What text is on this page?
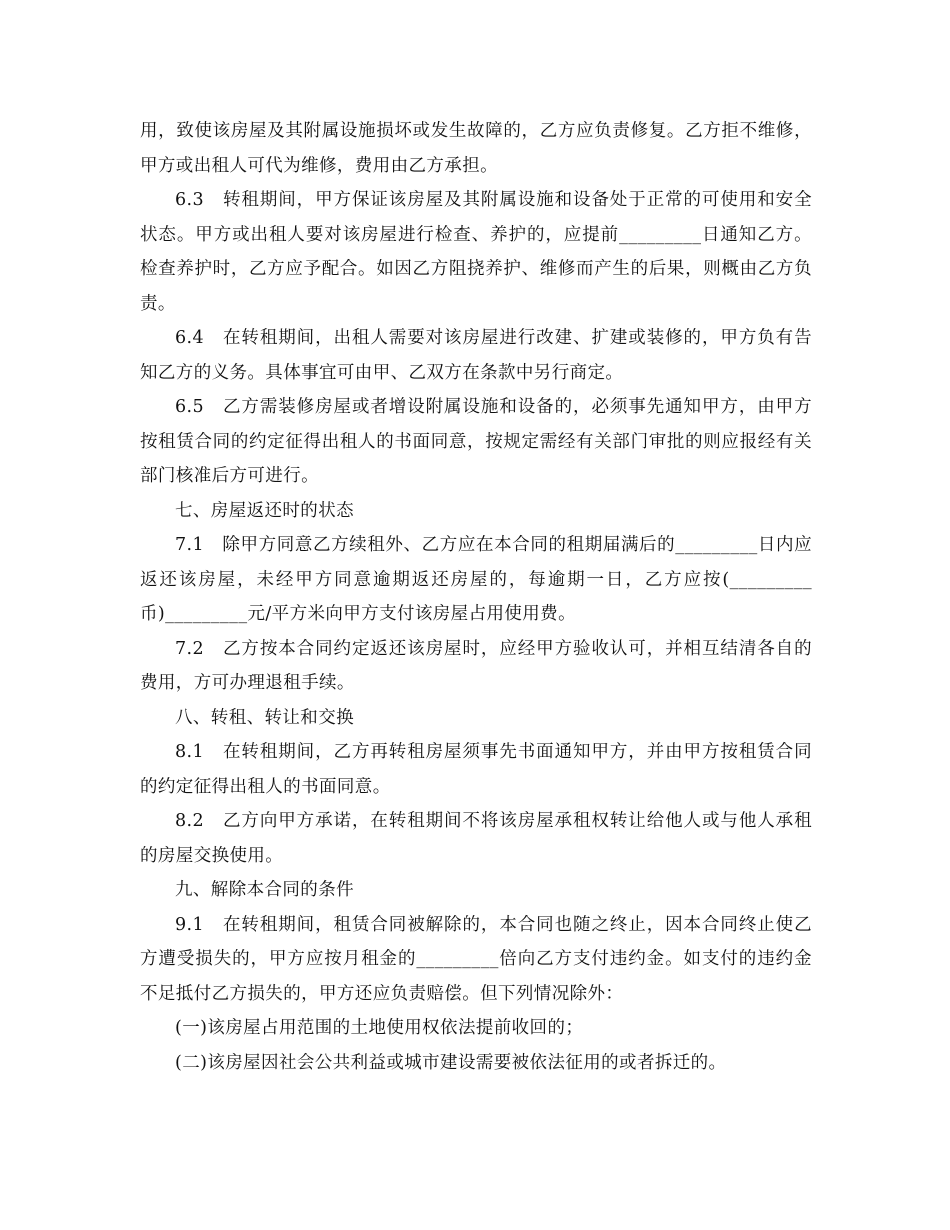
用，致使该房屋及其附属设施损坏或发生故障的，乙方应负责修复。乙方拒不维修，甲方或出租人可代为维修，费用由乙方承担。

6.3　转租期间，甲方保证该房屋及其附属设施和设备处于正常的可使用和安全状态。甲方或出租人要对该房屋进行检查、养护的，应提前_________日通知乙方。检查养护时，乙方应予配合。如因乙方阻挠养护、维修而产生的后果，则概由乙方负责。

6.4　在转租期间，出租人需要对该房屋进行改建、扩建或装修的，甲方负有告知乙方的义务。具体事宜可由甲、乙双方在条款中另行商定。

6.5　乙方需装修房屋或者增设附属设施和设备的，必须事先通知甲方，由甲方按租赁合同的约定征得出租人的书面同意，按规定需经有关部门审批的则应报经有关部门核准后方可进行。

七、房屋返还时的状态

7.1　除甲方同意乙方续租外、乙方应在本合同的租期届满后的_________日内应返还该房屋，未经甲方同意逾期返还房屋的，每逾期一日，乙方应按(_________币)_________元/平方米向甲方支付该房屋占用使用费。

7.2　乙方按本合同约定返还该房屋时，应经甲方验收认可，并相互结清各自的费用，方可办理退租手续。

八、转租、转让和交换

8.1　在转租期间，乙方再转租房屋须事先书面通知甲方，并由甲方按租赁合同的约定征得出租人的书面同意。

8.2　乙方向甲方承诺，在转租期间不将该房屋承租权转让给他人或与他人承租的房屋交换使用。

九、解除本合同的条件

9.1　在转租期间，租赁合同被解除的，本合同也随之终止，因本合同终止使乙方遭受损失的，甲方应按月租金的_________倍向乙方支付违约金。如支付的违约金不足抵付乙方损失的，甲方还应负责赔偿。但下列情况除外：

(一)该房屋占用范围的土地使用权依法提前收回的；

(二)该房屋因社会公共利益或城市建设需要被依法征用的或者拆迁的。
